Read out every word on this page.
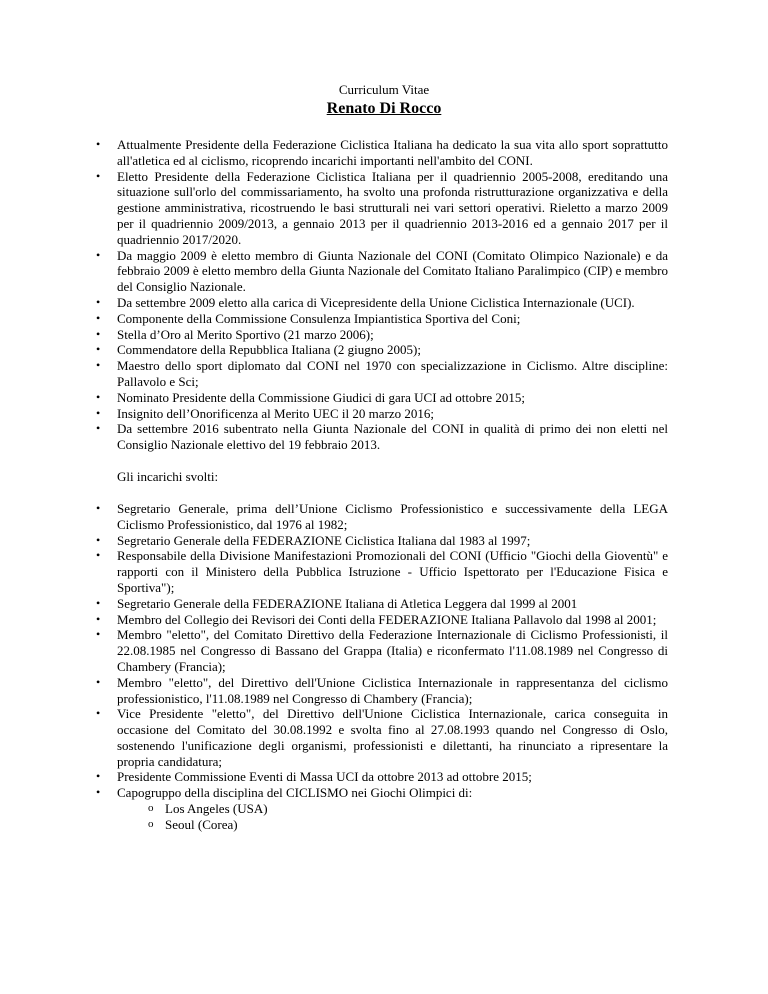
Curriculum Vitae

Renato Di Rocco

• Attualmente Presidente della Federazione Ciclistica Italiana ha dedicato la sua vita allo sport soprattutto all'atletica ed al ciclismo, ricoprendo incarichi importanti nell'ambito del CONI.
• Eletto Presidente della Federazione Ciclistica Italiana per il quadriennio 2005-2008, ereditando una situazione sull'orlo del commissariamento, ha svolto una profonda ristrutturazione organizzativa e della gestione amministrativa, ricostruendo le basi strutturali nei vari settori operativi. Rieletto a marzo 2009 per il quadriennio 2009/2013, a gennaio 2013 per il quadriennio 2013-2016 ed a gennaio 2017 per il quadriennio 2017/2020.
• Da maggio 2009 è eletto membro di Giunta Nazionale del CONI (Comitato Olimpico Nazionale) e da febbraio 2009 è eletto membro della Giunta Nazionale del Comitato Italiano Paralimpico (CIP) e membro del Consiglio Nazionale.
• Da settembre 2009 eletto alla carica di Vicepresidente della Unione Ciclistica Internazionale (UCI).
• Componente della Commissione Consulenza Impiantistica Sportiva del Coni;
• Stella d’Oro al Merito Sportivo (21 marzo 2006);
• Commendatore della Repubblica Italiana (2 giugno 2005);
• Maestro dello sport diplomato dal CONI nel 1970 con specializzazione in Ciclismo. Altre discipline: Pallavolo e Sci;
• Nominato Presidente della Commissione Giudici di gara UCI ad ottobre 2015;
• Insignito dell’Onorificenza al Merito UEC il 20 marzo 2016;
• Da settembre 2016 subentrato nella Giunta Nazionale del CONI in qualità di primo dei non eletti nel Consiglio Nazionale elettivo del 19 febbraio 2013.

Gli incarichi svolti:

• Segretario Generale, prima dell’Unione Ciclismo Professionistico e successivamente della LEGA Ciclismo Professionistico, dal 1976 al 1982;
• Segretario Generale della FEDERAZIONE Ciclistica Italiana dal 1983 al 1997;
• Responsabile della Divisione Manifestazioni Promozionali del CONI (Ufficio "Giochi della Gioventù" e rapporti con il Ministero della Pubblica Istruzione - Ufficio Ispettorato per l'Educazione Fisica e Sportiva");
• Segretario Generale della FEDERAZIONE Italiana di Atletica Leggera dal 1999 al 2001
• Membro del Collegio dei Revisori dei Conti della FEDERAZIONE Italiana Pallavolo dal 1998 al 2001;
• Membro "eletto", del Comitato Direttivo della Federazione Internazionale di Ciclismo Professionisti, il 22.08.1985 nel Congresso di Bassano del Grappa (Italia) e riconfermato l'11.08.1989 nel Congresso di Chambery (Francia);
• Membro "eletto", del Direttivo dell'Unione Ciclistica Internazionale in rappresentanza del ciclismo professionistico, l'11.08.1989 nel Congresso di Chambery (Francia);
• Vice Presidente "eletto", del Direttivo dell'Unione Ciclistica Internazionale, carica conseguita in occasione del Comitato del 30.08.1992 e svolta fino al 27.08.1993 quando nel Congresso di Oslo, sostenendo l'unificazione degli organismi, professionisti e dilettanti, ha rinunciato a ripresentare la propria candidatura;
• Presidente Commissione Eventi di Massa UCI da ottobre 2013 ad ottobre 2015;
• Capogruppo della disciplina del CICLISMO nei Giochi Olimpici di:
o Los Angeles (USA)
o Seoul (Corea)
